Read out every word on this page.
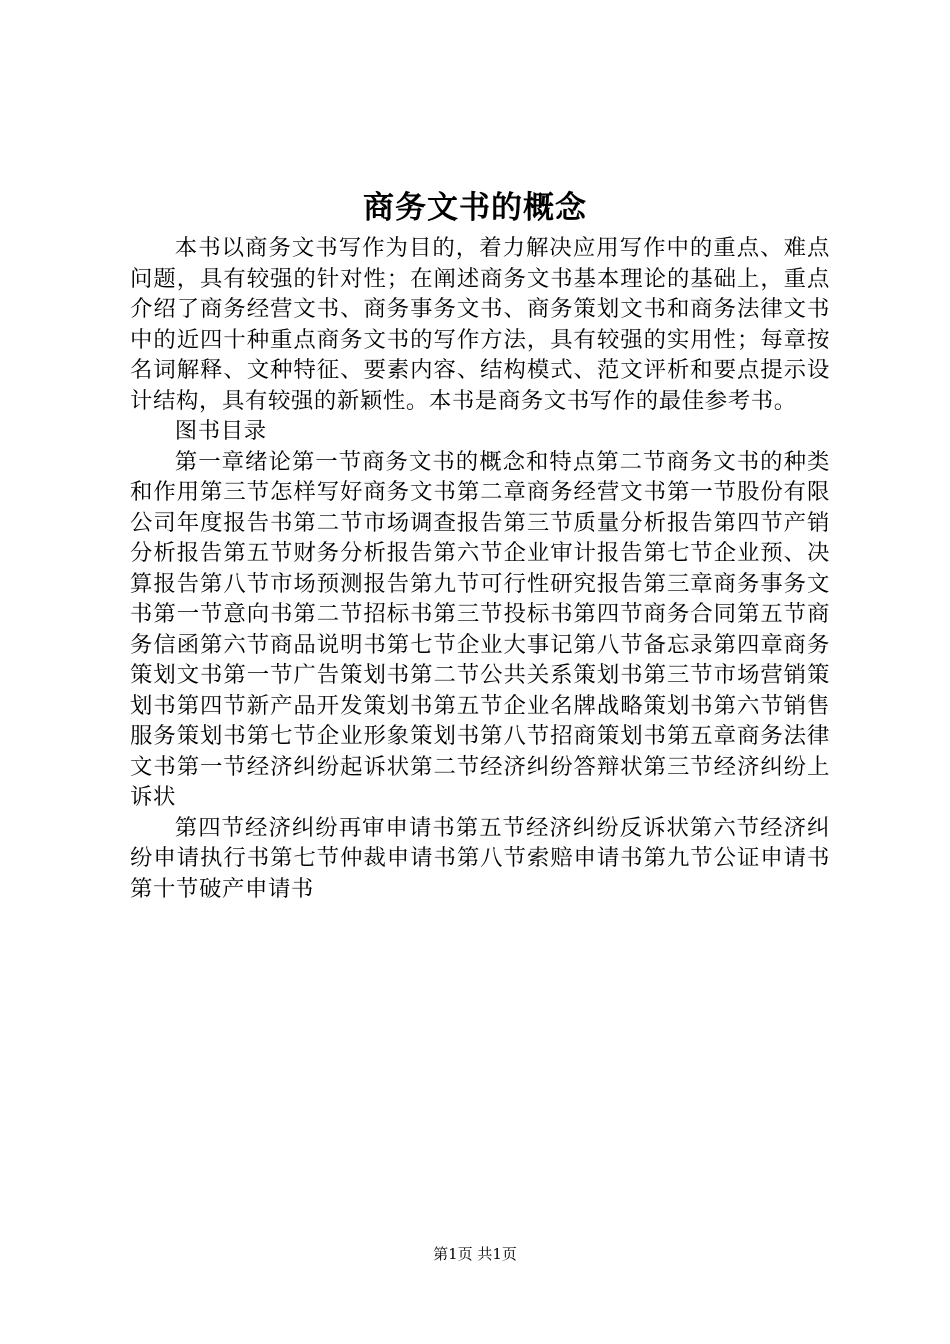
商务文书的概念

本书以商务文书写作为目的，着力解决应用写作中的重点、难点问题，具有较强的针对性；在阐述商务文书基本理论的基础上，重点介绍了商务经营文书、商务事务文书、商务策划文书和商务法律文书中的近四十种重点商务文书的写作方法，具有较强的实用性；每章按名词解释、文种特征、要素内容、结构模式、范文评析和要点提示设计结构，具有较强的新颖性。本书是商务文书写作的最佳参考书。

图书目录

第一章绪论第一节商务文书的概念和特点第二节商务文书的种类和作用第三节怎样写好商务文书第二章商务经营文书第一节股份有限公司年度报告书第二节市场调查报告第三节质量分析报告第四节产销分析报告第五节财务分析报告第六节企业审计报告第七节企业预、决算报告第八节市场预测报告第九节可行性研究报告第三章商务事务文书第一节意向书第二节招标书第三节投标书第四节商务合同第五节商务信函第六节商品说明书第七节企业大事记第八节备忘录第四章商务策划文书第一节广告策划书第二节公共关系策划书第三节市场营销策划书第四节新产品开发策划书第五节企业名牌战略策划书第六节销售服务策划书第七节企业形象策划书第八节招商策划书第五章商务法律文书第一节经济纠纷起诉状第二节经济纠纷答辩状第三节经济纠纷上诉状

第四节经济纠纷再审申请书第五节经济纠纷反诉状第六节经济纠纷申请执行书第七节仲裁申请书第八节索赔申请书第九节公证申请书第十节破产申请书

第1页 共1页
